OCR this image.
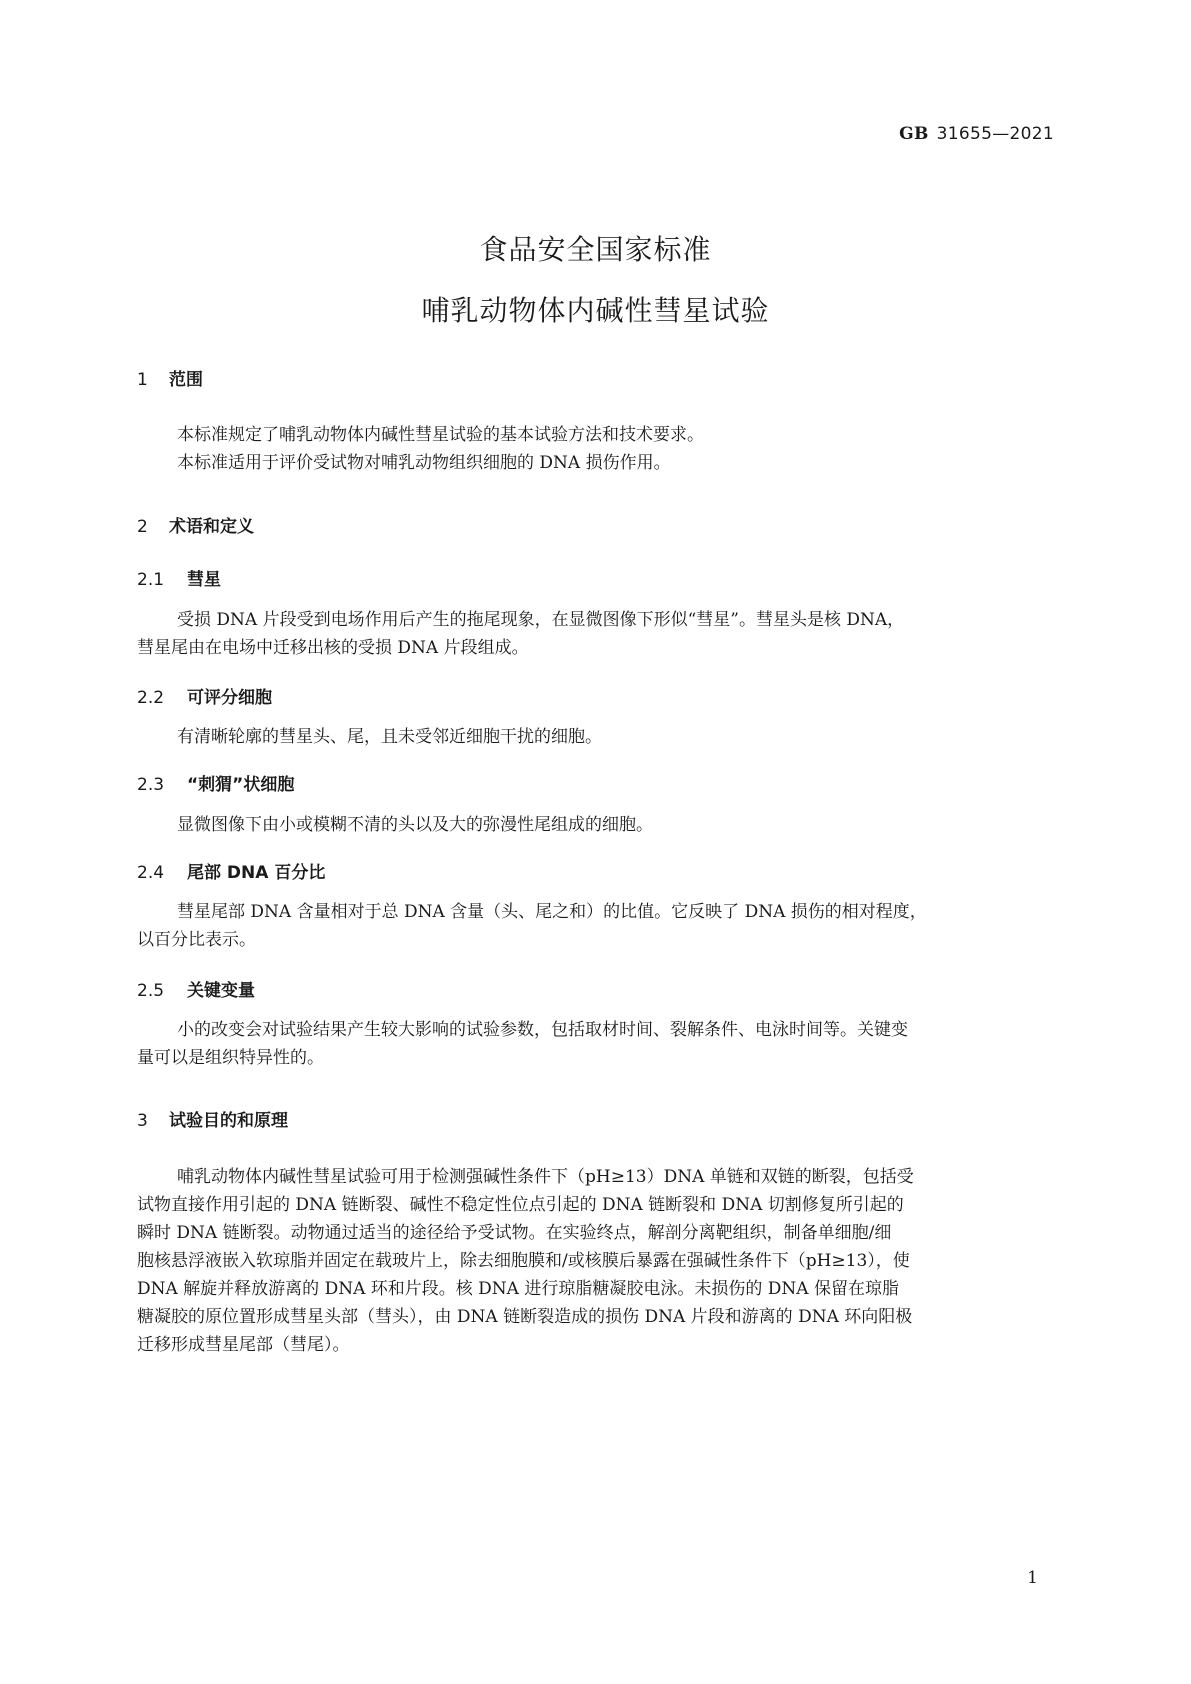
GB 31655—2021
食品安全国家标准
哺乳动物体内碱性彗星试验
1 范围
本标准规定了哺乳动物体内碱性彗星试验的基本试验方法和技术要求。
本标准适用于评价受试物对哺乳动物组织细胞的 DNA 损伤作用。
2 术语和定义
2.1 彗星
受损 DNA 片段受到电场作用后产生的拖尾现象，在显微图像下形似“彗星”。彗星头是核 DNA，
彗星尾由在电场中迁移出核的受损 DNA 片段组成。
2.2 可评分细胞
有清晰轮廓的彗星头、尾，且未受邻近细胞干扰的细胞。
2.3 “刺猬”状细胞
显微图像下由小或模糊不清的头以及大的弥漫性尾组成的细胞。
2.4 尾部 DNA 百分比
彗星尾部 DNA 含量相对于总 DNA 含量（头、尾之和）的比值。它反映了 DNA 损伤的相对程度，
以百分比表示。
2.5 关键变量
小的改变会对试验结果产生较大影响的试验参数，包括取材时间、裂解条件、电泳时间等。关键变
量可以是组织特异性的。
3 试验目的和原理
哺乳动物体内碱性彗星试验可用于检测强碱性条件下（pH≥13）DNA 单链和双链的断裂，包括受
试物直接作用引起的 DNA 链断裂、碱性不稳定性位点引起的 DNA 链断裂和 DNA 切割修复所引起的
瞬时 DNA 链断裂。动物通过适当的途径给予受试物。在实验终点，解剖分离靶组织，制备单细胞/细
胞核悬浮液嵌入软琼脂并固定在载玻片上，除去细胞膜和/或核膜后暴露在强碱性条件下（pH≥13），使
DNA 解旋并释放游离的 DNA 环和片段。核 DNA 进行琼脂糖凝胶电泳。未损伤的 DNA 保留在琼脂
糖凝胶的原位置形成彗星头部（彗头），由 DNA 链断裂造成的损伤 DNA 片段和游离的 DNA 环向阳极
迁移形成彗星尾部（彗尾）。
1
